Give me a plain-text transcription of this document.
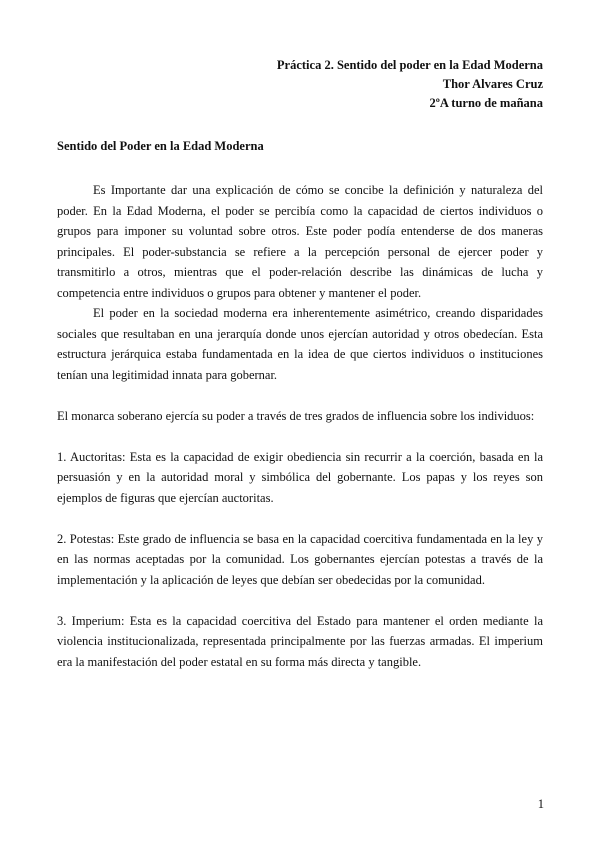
Práctica 2. Sentido del poder en la Edad Moderna
Thor Alvares Cruz
2ºA turno de mañana
Sentido del Poder en la Edad Moderna

Es Importante dar una explicación de cómo se concibe la definición y naturaleza del poder. En la Edad Moderna, el poder se percibía como la capacidad de ciertos individuos o grupos para imponer su voluntad sobre otros. Este poder podía entenderse de dos maneras principales. El poder-substancia se refiere a la percepción personal de ejercer poder y transmitirlo a otros, mientras que el poder-relación describe las dinámicas de lucha y competencia entre individuos o grupos para obtener y mantener el poder.

El poder en la sociedad moderna era inherentemente asimétrico, creando disparidades sociales que resultaban en una jerarquía donde unos ejercían autoridad y otros obedecían. Esta estructura jerárquica estaba fundamentada en la idea de que ciertos individuos o instituciones tenían una legitimidad innata para gobernar.

El monarca soberano ejercía su poder a través de tres grados de influencia sobre los individuos:

1. Auctoritas: Esta es la capacidad de exigir obediencia sin recurrir a la coerción, basada en la persuasión y en la autoridad moral y simbólica del gobernante. Los papas y los reyes son ejemplos de figuras que ejercían auctoritas.

2. Potestas: Este grado de influencia se basa en la capacidad coercitiva fundamentada en la ley y en las normas aceptadas por la comunidad. Los gobernantes ejercían potestas a través de la implementación y la aplicación de leyes que debían ser obedecidas por la comunidad.

3. Imperium: Esta es la capacidad coercitiva del Estado para mantener el orden mediante la violencia institucionalizada, representada principalmente por las fuerzas armadas. El imperium era la manifestación del poder estatal en su forma más directa y tangible.

1
